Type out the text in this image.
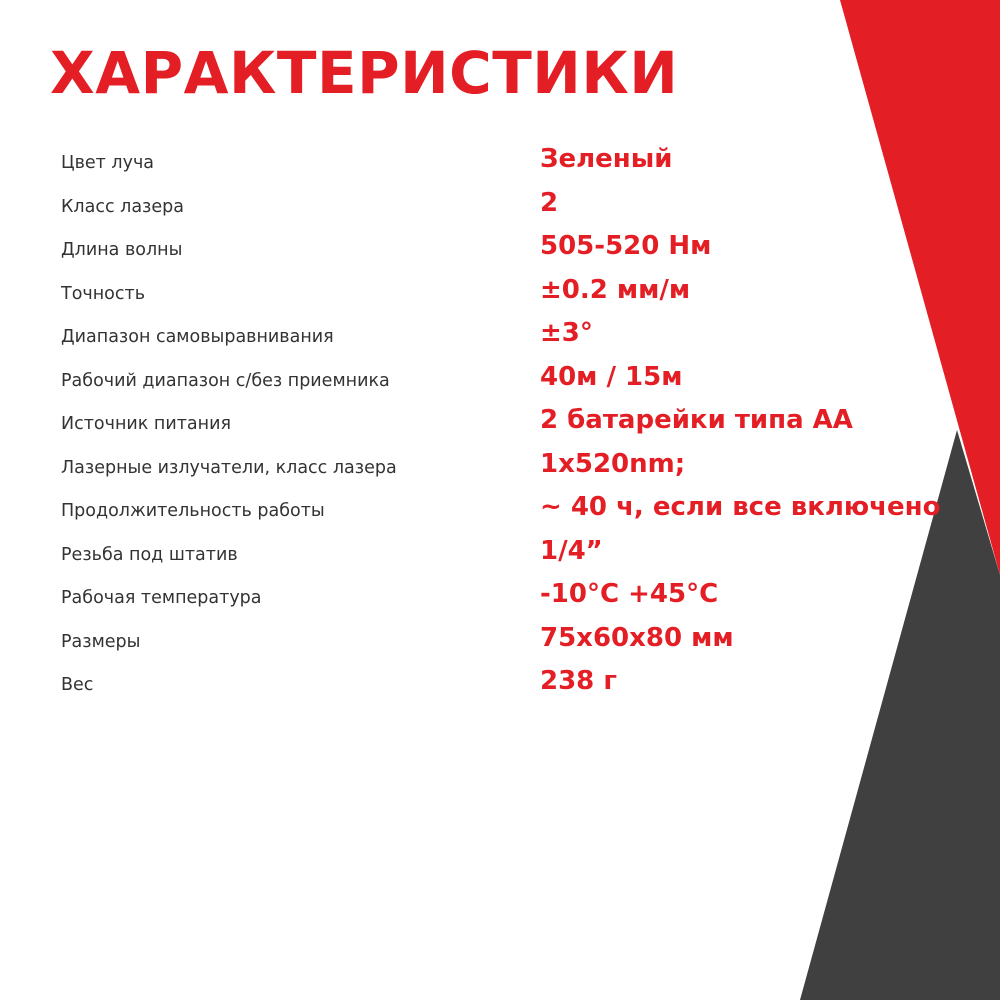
ХАРАКТЕРИСТИКИ
Цвет луча	Зеленый
Класс лазера	2
Длина волны	505-520 Нм
Точность	±0.2 мм/м
Диапазон самовыравнивания	±3°
Рабочий диапазон с/без приемника	40м / 15м
Источник питания	2 батарейки типа АА
Лазерные излучатели, класс лазера	1x520nm;
Продолжительность работы	~ 40 ч, если все включено
Резьба под штатив	1/4”
Рабочая температура	-10°C +45°C
Размеры	75х60х80 мм
Вес	238 г
